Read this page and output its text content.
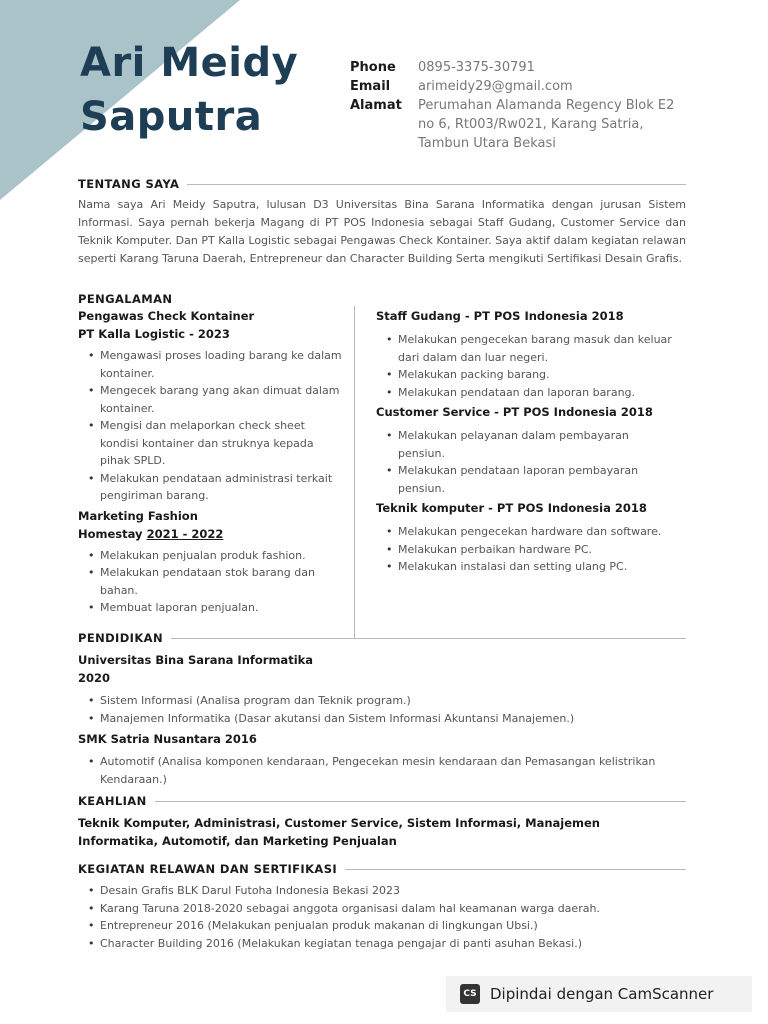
Ari Meidy
Saputra
Phone	0895-3375-30791
Email	arimeidy29@gmail.com
Alamat	Perumahan Alamanda Regency Blok E2 no 6, Rt003/Rw021, Karang Satria, Tambun Utara Bekasi
TENTANG SAYA
Nama saya Ari Meidy Saputra, lulusan D3 Universitas Bina Sarana Informatika dengan jurusan Sistem Informasi. Saya pernah bekerja Magang di PT POS Indonesia sebagai Staff Gudang, Customer Service dan Teknik Komputer. Dan PT Kalla Logistic sebagai Pengawas Check Kontainer. Saya aktif dalam kegiatan relawan seperti Karang Taruna Daerah, Entrepreneur dan Character Building Serta mengikuti Sertifikasi Desain Grafis.
PENGALAMAN
Pengawas Check Kontainer
PT Kalla Logistic - 2023
• Mengawasi proses loading barang ke dalam kontainer.
• Mengecek barang yang akan dimuat dalam kontainer.
• Mengisi dan melaporkan check sheet kondisi kontainer dan struknya kepada pihak SPLD.
• Melakukan pendataan administrasi terkait pengiriman barang.
Marketing Fashion
Homestay 2021 - 2022
• Melakukan penjualan produk fashion.
• Melakukan pendataan stok barang dan bahan.
• Membuat laporan penjualan.
Staff Gudang - PT POS Indonesia 2018
• Melakukan pengecekan barang masuk dan keluar dari dalam dan luar negeri.
• Melakukan packing barang.
• Melakukan pendataan dan laporan barang.
Customer Service - PT POS Indonesia 2018
• Melakukan pelayanan dalam pembayaran pensiun.
• Melakukan pendataan laporan pembayaran pensiun.
Teknik komputer - PT POS Indonesia 2018
• Melakukan pengecekan hardware dan software.
• Melakukan perbaikan hardware PC.
• Melakukan instalasi dan setting ulang PC.
PENDIDIKAN
Universitas Bina Sarana Informatika
2020
• Sistem Informasi (Analisa program dan Teknik program.)
• Manajemen Informatika (Dasar akutansi dan Sistem Informasi Akuntansi Manajemen.)
SMK Satria Nusantara 2016
• Automotif (Analisa komponen kendaraan, Pengecekan mesin kendaraan dan Pemasangan kelistrikan Kendaraan.)
KEAHLIAN
Teknik Komputer, Administrasi, Customer Service, Sistem Informasi, Manajemen Informatika, Automotif, dan Marketing Penjualan
KEGIATAN RELAWAN DAN SERTIFIKASI
• Desain Grafis BLK Darul Futoha Indonesia Bekasi 2023
• Karang Taruna 2018-2020 sebagai anggota organisasi dalam hal keamanan warga daerah.
• Entrepreneur 2016 (Melakukan penjualan produk makanan di lingkungan Ubsi.)
• Character Building 2016 (Melakukan kegiatan tenaga pengajar di panti asuhan Bekasi.)
CS Dipindai dengan CamScanner
